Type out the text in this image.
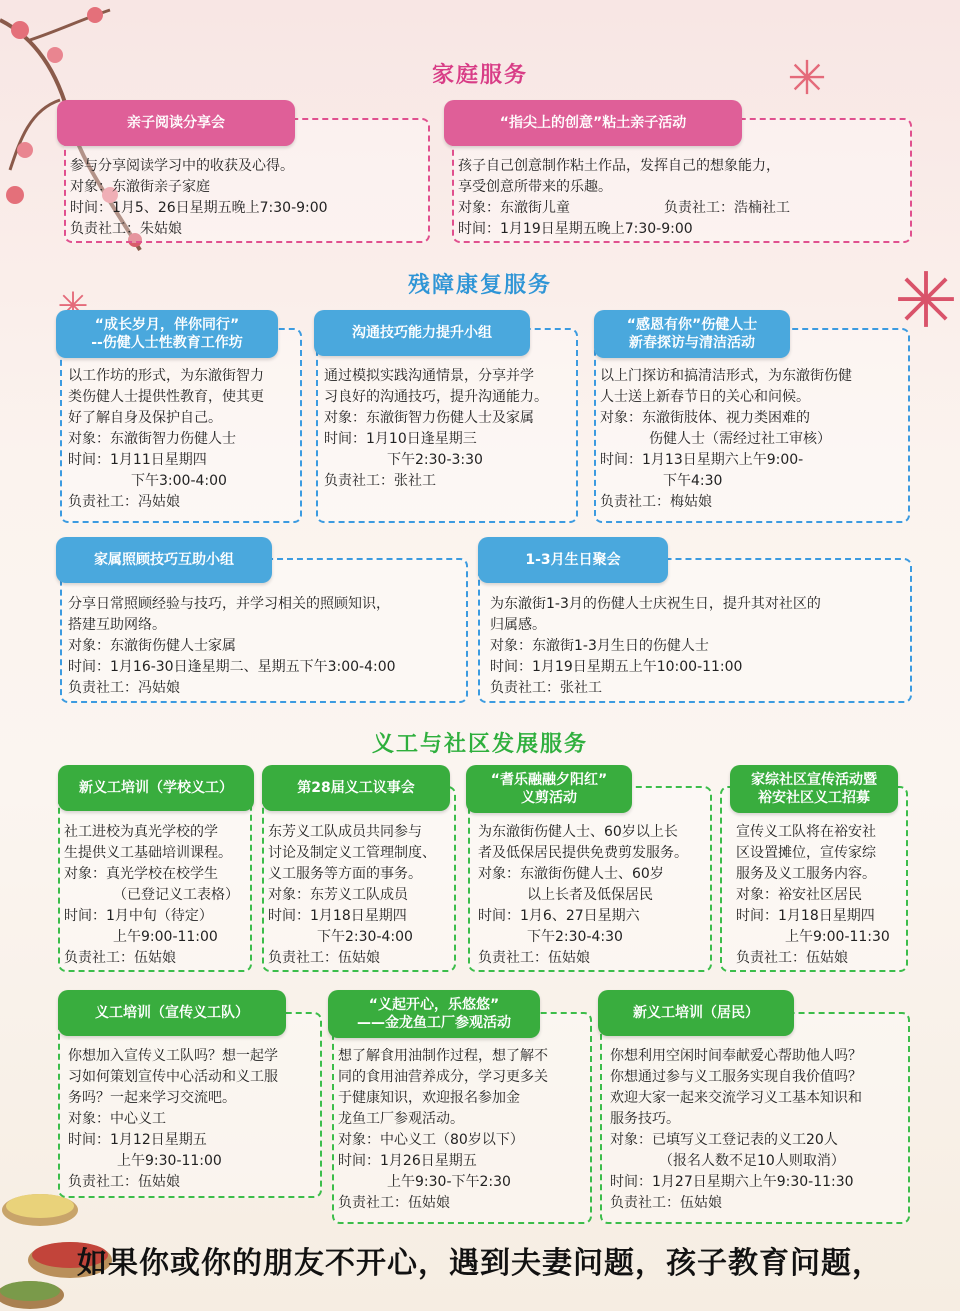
家庭服务
亲子阅读分享会

参与分享阅读学习中的收获及心得。

对象：东澈街亲子家庭

时间：1月5、26日星期五晚上7:30-9:00

负责社工：朱姑娘

“指尖上的创意”粘土亲子活动

孩子自己创意制作粘土作品，发挥自己的想象能力，

享受创意所带来的乐趣。

对象：东澈街儿童	负责社工：浩楠社工

时间：1月19日星期五晚上7:30-9:00

残障康复服务
“成长岁月，伴你同行”
--伤健人士性教育工作坊

以工作坊的形式，为东澈街智力

类伤健人士提供性教育，使其更

好了解自身及保护自己。

对象：东澈街智力伤健人士

时间：1月11日星期四

下午3:00-4:00

负责社工：冯姑娘

沟通技巧能力提升小组

通过模拟实践沟通情景，分享并学

习良好的沟通技巧，提升沟通能力。

对象：东澈街智力伤健人士及家属

时间：1月10日逢星期三

下午2:30-3:30

负责社工：张社工

“感恩有你”伤健人士
新春探访与清洁活动

以上门探访和搞清洁形式，为东澈街伤健

人士送上新春节日的关心和问候。

对象：东澈街肢体、视力类困难的

伤健人士（需经过社工审核）

时间：1月13日星期六上午9:00-

下午4:30

负责社工：梅姑娘

家属照顾技巧互助小组

分享日常照顾经验与技巧，并学习相关的照顾知识，

搭建互助网络。

对象：东澈街伤健人士家属

时间：1月16-30日逢星期二、星期五下午3:00-4:00

负责社工：冯姑娘

1-3月生日聚会

为东澈街1-3月的伤健人士庆祝生日，提升其对社区的

归属感。

对象：东澈街1-3月生日的伤健人士

时间：1月19日星期五上午10:00-11:00

负责社工：张社工

义工与社区发展服务
新义工培训（学校义工）

社工进校为真光学校的学

生提供义工基础培训课程。

对象：真光学校在校学生

（已登记义工表格）

时间：1月中旬（待定）

上午9:00-11:00

负责社工：伍姑娘

第28届义工议事会

东芳义工队成员共同参与

讨论及制定义工管理制度、

义工服务等方面的事务。

对象：东芳义工队成员

时间：1月18日星期四

下午2:30-4:00

负责社工：伍姑娘

“耆乐融融夕阳红”
义剪活动

为东澈街伤健人士、60岁以上长

者及低保居民提供免费剪发服务。

对象：东澈街伤健人士、60岁

以上长者及低保居民

时间：1月6、27日星期六

下午2:30-4:30

负责社工：伍姑娘

家综社区宣传活动暨
裕安社区义工招募

宣传义工队将在裕安社

区设置摊位，宣传家综

服务及义工服务内容。

对象：裕安社区居民

时间：1月18日星期四

上午9:00-11:30

负责社工：伍姑娘

义工培训（宣传义工队）

你想加入宣传义工队吗？想一起学

习如何策划宣传中心活动和义工服

务吗？一起来学习交流吧。

对象：中心义工

时间：1月12日星期五

上午9:30-11:00

负责社工：伍姑娘

“义起开心，乐悠悠”
——金龙鱼工厂参观活动

想了解食用油制作过程，想了解不

同的食用油营养成分，学习更多关

于健康知识，欢迎报名参加金

龙鱼工厂参观活动。

对象：中心义工（80岁以下）

时间：1月26日星期五

上午9:30-下午2:30

负责社工：伍姑娘

新义工培训（居民）

你想利用空闲时间奉献爱心帮助他人吗？

你想通过参与义工服务实现自我价值吗？

欢迎大家一起来交流学习义工基本知识和

服务技巧。

对象：已填写义工登记表的义工20人

（报名人数不足10人则取消）

时间：1月27日星期六上午9:30-11:30

负责社工：伍姑娘

如果你或你的朋友不开心，遇到夫妻问题，孩子教育问题，
